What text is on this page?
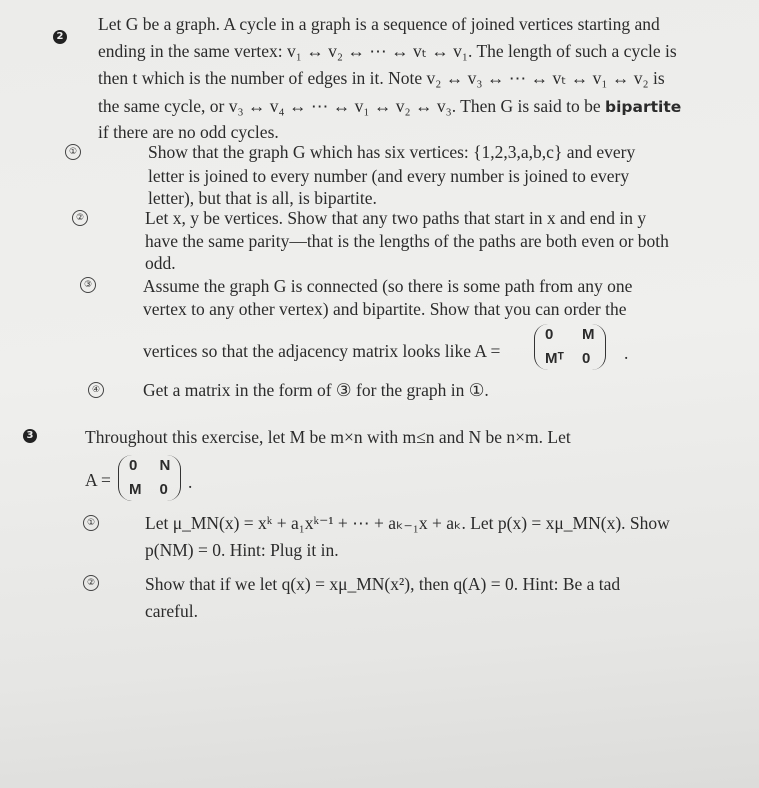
2
Let G be a graph. A cycle in a graph is a sequence of joined vertices starting and
ending in the same vertex: v₁ ↔ v₂ ↔ ⋯ ↔ vₜ ↔ v₁. The length of such a cycle is
then t which is the number of edges in it. Note v₂ ↔ v₃ ↔ ⋯ ↔ vₜ ↔ v₁ ↔ v₂ is
the same cycle, or v₃ ↔ v₄ ↔ ⋯ ↔ v₁ ↔ v₂ ↔ v₃. Then G is said to be bipartite
if there are no odd cycles.
①	Show that the graph G which has six vertices: {1,2,3,a,b,c} and every
letter is joined to every number (and every number is joined to every
letter), but that is all, is bipartite.
②	Let x, y be vertices. Show that any two paths that start in x and end in y
have the same parity—that is the lengths of the paths are both even or both
odd.
③	Assume the graph G is connected (so there is some path from any one
vertex to any other vertex) and bipartite. Show that you can order the
vertices so that the adjacency matrix looks like A =
0	M
Mᵀ 0 .
④ Get a matrix in the form of ③ for the graph in ①.
3	Throughout this exercise, let M be m×n with m≤n and N be n×m. Let
A =
0 N
M 0 .
①	Let μ_MN(x) = xᵏ + a₁xᵏ⁻¹ + ⋯ + aₖ₋₁x + aₖ. Let p(x) = xμ_MN(x). Show
p(NM) = 0. Hint: Plug it in.
②	Show that if we let q(x) = xμ_MN(x²), then q(A) = 0. Hint: Be a tad
careful.
